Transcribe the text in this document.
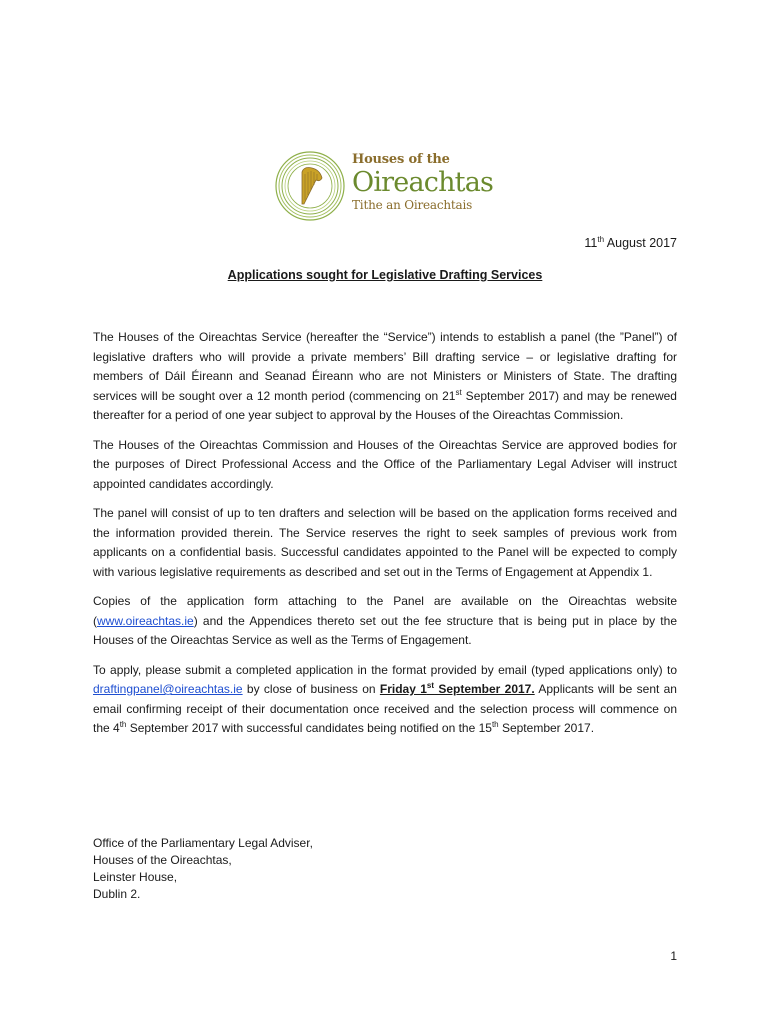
Houses of the
Oireachtas
Tithe an Oireachtais
11th August 2017
Applications sought for Legislative Drafting Services

The Houses of the Oireachtas Service (hereafter the “Service”) intends to establish a panel (the ”Panel”) of legislative drafters who will provide a private members’ Bill drafting service – or legislative drafting for members of Dáil Éireann and Seanad Éireann who are not Ministers or Ministers of State. The drafting services will be sought over a 12 month period (commencing on 21st September 2017) and may be renewed thereafter for a period of one year subject to approval by the Houses of the Oireachtas Commission.

The Houses of the Oireachtas Commission and Houses of the Oireachtas Service are approved bodies for the purposes of Direct Professional Access and the Office of the Parliamentary Legal Adviser will instruct appointed candidates accordingly.

The panel will consist of up to ten drafters and selection will be based on the application forms received and the information provided therein. The Service reserves the right to seek samples of previous work from applicants on a confidential basis. Successful candidates appointed to the Panel will be expected to comply with various legislative requirements as described and set out in the Terms of Engagement at Appendix 1.

Copies of the application form attaching to the Panel are available on the Oireachtas website (www.oireachtas.ie) and the Appendices thereto set out the fee structure that is being put in place by the Houses of the Oireachtas Service as well as the Terms of Engagement.

To apply, please submit a completed application in the format provided by email (typed applications only) to draftingpanel@oireachtas.ie by close of business on Friday 1st September 2017. Applicants will be sent an email confirming receipt of their documentation once received and the selection process will commence on the 4th September 2017 with successful candidates being notified on the 15th September 2017.

Office of the Parliamentary Legal Adviser,
Houses of the Oireachtas,
Leinster House,
Dublin 2.
1
